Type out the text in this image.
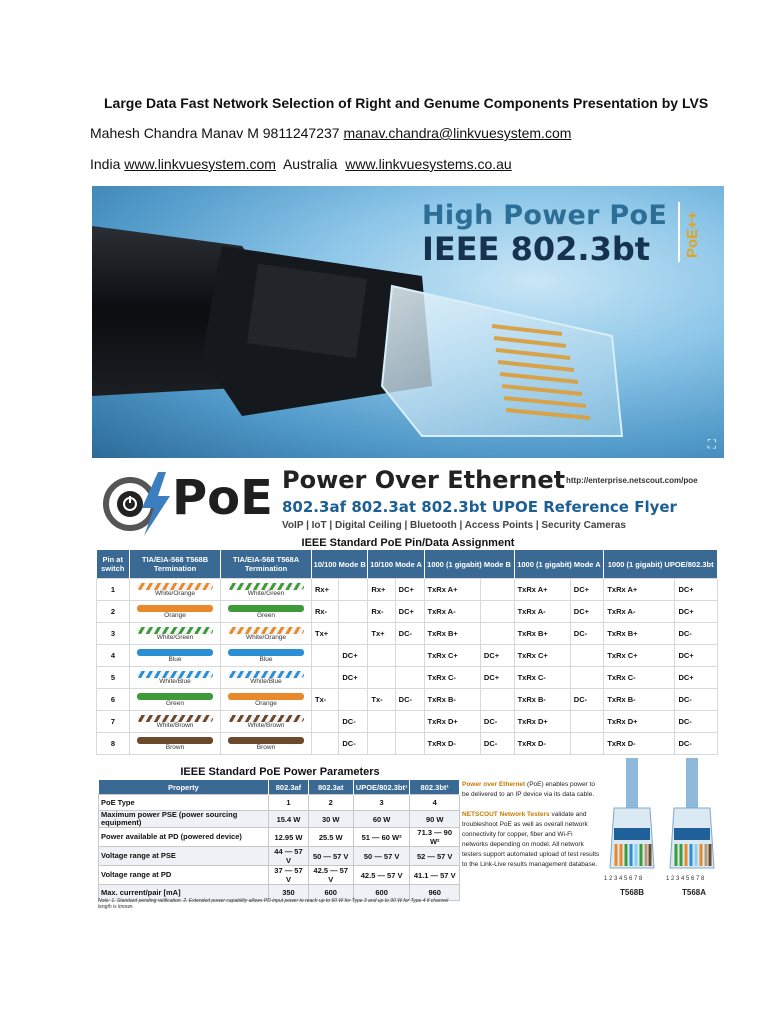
Large Data Fast Network Selection of Right and Genume Components Presentation by LVS
Mahesh Chandra Manav M 9811247237 manav.chandra@linkvuesystem.com
India www.linkvuesystem.com  Australia  www.linkvuesystems.co.au
High Power PoE
IEEE 802.3bt PoE++
⛶
PoE Power Over Ethernet http://enterprise.netscout.com/poe
802.3af 802.3at 802.3bt UPOE Reference Flyer
VoIP | IoT | Digital Ceiling | Bluetooth | Access Points | Security Cameras
IEEE Standard PoE Pin/Data Assignment
Pin at switch	TIA/EIA-568 T568B Termination	TIA/EIA-568 T568A Termination	10/100 Mode B		10/100 Mode A		1000 (1 gigabit) Mode B		1000 (1 gigabit) Mode A		1000 (1 gigabit) UPOE/802.3bt	
1	White/Orange	White/Green	Rx+		Rx+	DC+	TxRx A+		TxRx A+	DC+	TxRx A+	DC+
2	Orange	Green	Rx-		Rx-	DC+	TxRx A-		TxRx A-	DC+	TxRx A-	DC+
3	White/Green	White/Orange	Tx+		Tx+	DC-	TxRx B+		TxRx B+	DC-	TxRx B+	DC-
4	Blue	Blue		DC+			TxRx C+	DC+	TxRx C+		TxRx C+	DC+
5	White/Blue	White/Blue		DC+			TxRx C-	DC+	TxRx C-		TxRx C-	DC+
6	Green	Orange	Tx-		Tx-	DC-	TxRx B-		TxRx B-	DC-	TxRx B-	DC-
7	White/Brown	White/Brown		DC-			TxRx D+	DC-	TxRx D+		TxRx D+	DC-
8	Brown	Brown		DC-			TxRx D-	DC-	TxRx D-		TxRx D-	DC-
IEEE Standard PoE Power Parameters
Property	802.3af	802.3at	UPOE/802.3bt¹	802.3bt¹
PoE Type	1	2	3	4
Maximum power PSE (power sourcing equipment)	15.4 W	30 W	60 W	90 W
Power available at PD (powered device)	12.95 W	25.5 W	51 — 60 W²	71.3 — 90 W²
Voltage range at PSE	44 — 57 V	50 — 57 V	50 — 57 V	52 — 57 V
Voltage range at PD	37 — 57 V	42.5 — 57 V	42.5 — 57 V	41.1 — 57 V
Max. current/pair [mA]	350	600	600	960
Note: 1. Standard pending ratification. 2. Extended power capability allows PD input power to reach up to 60 W for Type 3 and up to 90 W for Type 4 if channel length is known.
Power over Ethernet (PoE) enables power to be delivered to an IP device via its data cable.

NETSCOUT Network Testers validate and troubleshoot PoE as well as overall network connectivity for copper, fiber and Wi-Fi networks depending on model. All network testers support automated upload of test results to the Link-Live results management database.
1 2 3 4 5 6 7 8	1 2 3 4 5 6 7 8
T568B	T568A
